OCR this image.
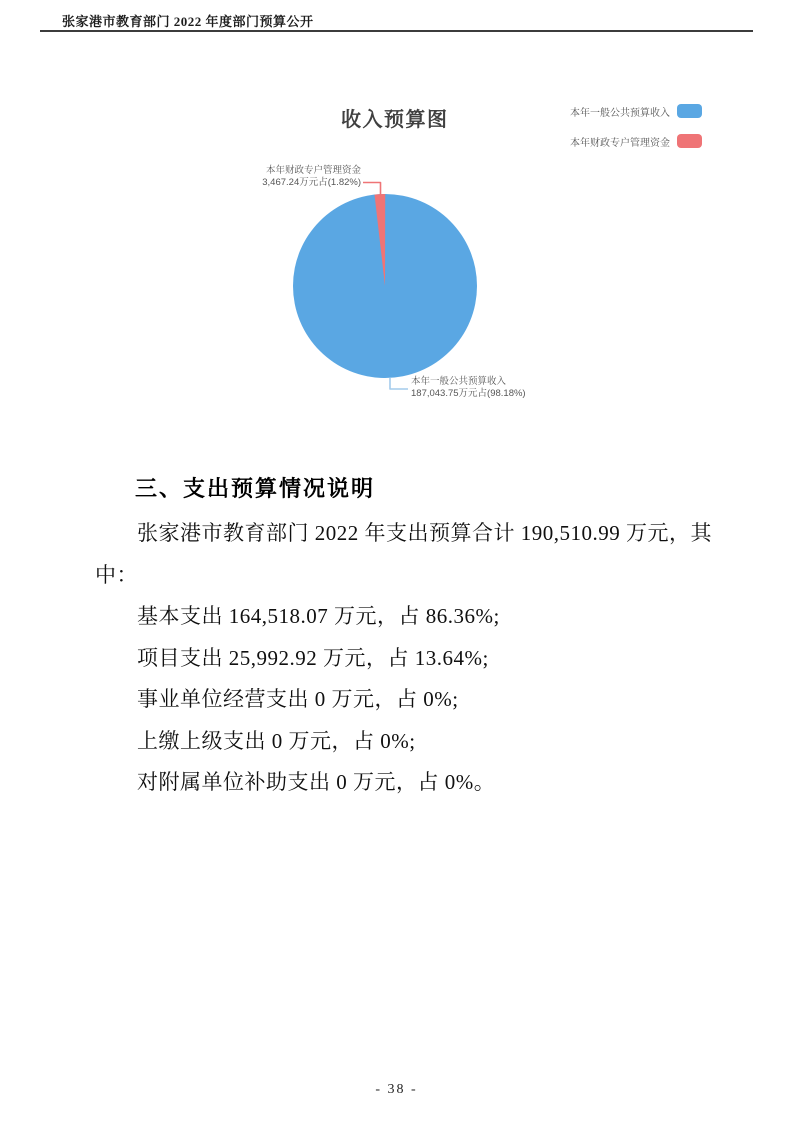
张家港市教育部门 2022 年度部门预算公开
收入预算图	本年一般公共预算收入
本年财政专户管理资金
本年财政专户管理资金
3,467.24万元占(1.82%)
本年一般公共预算收入
187,043.75万元占(98.18%)
三、支出预算情况说明
张家港市教育部门 2022 年支出预算合计 190,510.99 万元，其
中：
基本支出 164,518.07 万元，占 86.36%;
项目支出 25,992.92 万元，占 13.64%;
事业单位经营支出 0 万元，占 0%;
上缴上级支出 0 万元，占 0%;
对附属单位补助支出 0 万元，占 0%。
- 38 -
